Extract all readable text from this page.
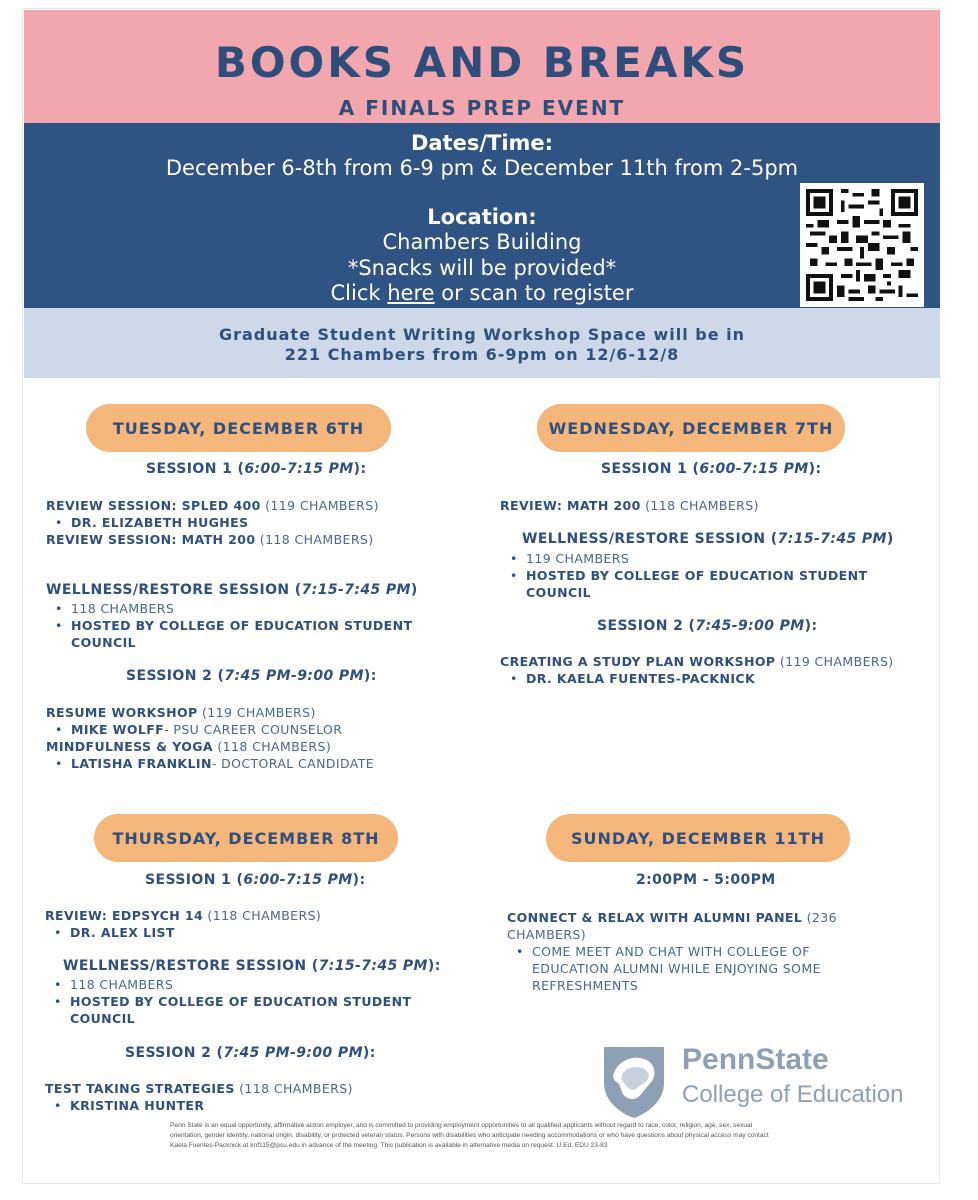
BOOKS AND BREAKS
A FINALS PREP EVENT
Dates/Time:
December 6-8th from 6-9 pm & December 11th from 2-5pm
Location:
Chambers Building
*Snacks will be provided*
Click here or scan to register
Graduate Student Writing Workshop Space will be in
221 Chambers from 6-9pm on 12/6-12/8
TUESDAY, DECEMBER 6TH
SESSION 1 (6:00-7:15 PM):
REVIEW SESSION: SPLED 400 (119 CHAMBERS)
• DR. ELIZABETH HUGHES
REVIEW SESSION: MATH 200 (118 CHAMBERS)
WELLNESS/RESTORE SESSION (7:15-7:45 PM)
• 118 CHAMBERS
• HOSTED BY COLLEGE OF EDUCATION STUDENT
COUNCIL
SESSION 2 (7:45 PM-9:00 PM):
RESUME WORKSHOP (119 CHAMBERS)
• MIKE WOLFF- PSU CAREER COUNSELOR
MINDFULNESS & YOGA (118 CHAMBERS)
• LATISHA FRANKLIN- DOCTORAL CANDIDATE
WEDNESDAY, DECEMBER 7TH
SESSION 1 (6:00-7:15 PM):
REVIEW: MATH 200 (118 CHAMBERS)
WELLNESS/RESTORE SESSION (7:15-7:45 PM)
• 119 CHAMBERS
• HOSTED BY COLLEGE OF EDUCATION STUDENT
COUNCIL
SESSION 2 (7:45-9:00 PM):
CREATING A STUDY PLAN WORKSHOP (119 CHAMBERS)
• DR. KAELA FUENTES-PACKNICK
THURSDAY, DECEMBER 8TH
SESSION 1 (6:00-7:15 PM):
REVIEW: EDPSYCH 14 (118 CHAMBERS)
• DR. ALEX LIST
WELLNESS/RESTORE SESSION (7:15-7:45 PM):
• 118 CHAMBERS
• HOSTED BY COLLEGE OF EDUCATION STUDENT
COUNCIL
SESSION 2 (7:45 PM-9:00 PM):
TEST TAKING STRATEGIES (118 CHAMBERS)
• KRISTINA HUNTER
SUNDAY, DECEMBER 11TH
2:00PM - 5:00PM
CONNECT & RELAX WITH ALUMNI PANEL (236
CHAMBERS)
• COME MEET AND CHAT WITH COLLEGE OF
EDUCATION ALUMNI WHILE ENJOYING SOME
REFRESHMENTS
PennState
College of Education
Penn State is an equal opportunity, affirmative action employer, and is committed to providing employment opportunities to all qualified applicants without regard to race, color, religion, age, sex, sexual orientation, gender identity, national origin, disability, or protected veteran status. Persons with disabilities who anticipate needing accommodations or who have questions about physical access may contact Kaela Fuentes-Packnick at knf115@psu.edu in advance of the meeting. This publication is available in alternative media on request. U.Ed. EDU 23-83
